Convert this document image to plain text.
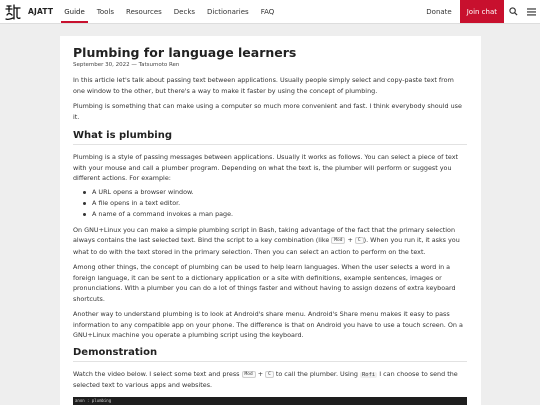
AJATT	Guide	Tools	Resources	Decks	Dictionaries	FAQ	Donate	Join chat
Plumbing for language learners
September 30, 2022 — Tatsumoto Ren

In this article let's talk about passing text between applications. Usually people simply select and copy-paste text from one window to the other, but there's a way to make it faster by using the concept of plumbing.

Plumbing is something that can make using a computer so much more convenient and fast. I think everybody should use it.

What is plumbing

Plumbing is a style of passing messages between applications. Usually it works as follows. You can select a piece of text with your mouse and call a plumber program. Depending on what the text is, the plumber will perform or suggest you different actions. For example:

A URL opens a browser window.
A file opens in a text editor.
A name of a command invokes a man page.

On GNU+Linux you can make a simple plumbing script in Bash, taking advantage of the fact that the primary selection always contains the last selected text. Bind the script to a key combination (like Mod + C ). When you run it, it asks you what to do with the text stored in the primary selection. Then you can select an action to perform on the text.

Among other things, the concept of plumbing can be used to help learn languages. When the user selects a word in a foreign language, it can be sent to a dictionary application or a site with definitions, example sentences, images or pronunciations. With a plumber you can do a lot of things faster and without having to assign dozens of extra keyboard shortcuts.

Another way to understand plumbing is to look at Android's share menu. Android's Share menu makes it easy to pass information to any compatible app on your phone. The difference is that on Android you have to use a touch screen. On a GNU+Linux machine you operate a plumbing script using the keyboard.

Demonstration

Watch the video below. I select some text and press Mod + C to call the plumber. Using Rofi I can choose to send the selected text to various apps and websites.

anon : plumbing
